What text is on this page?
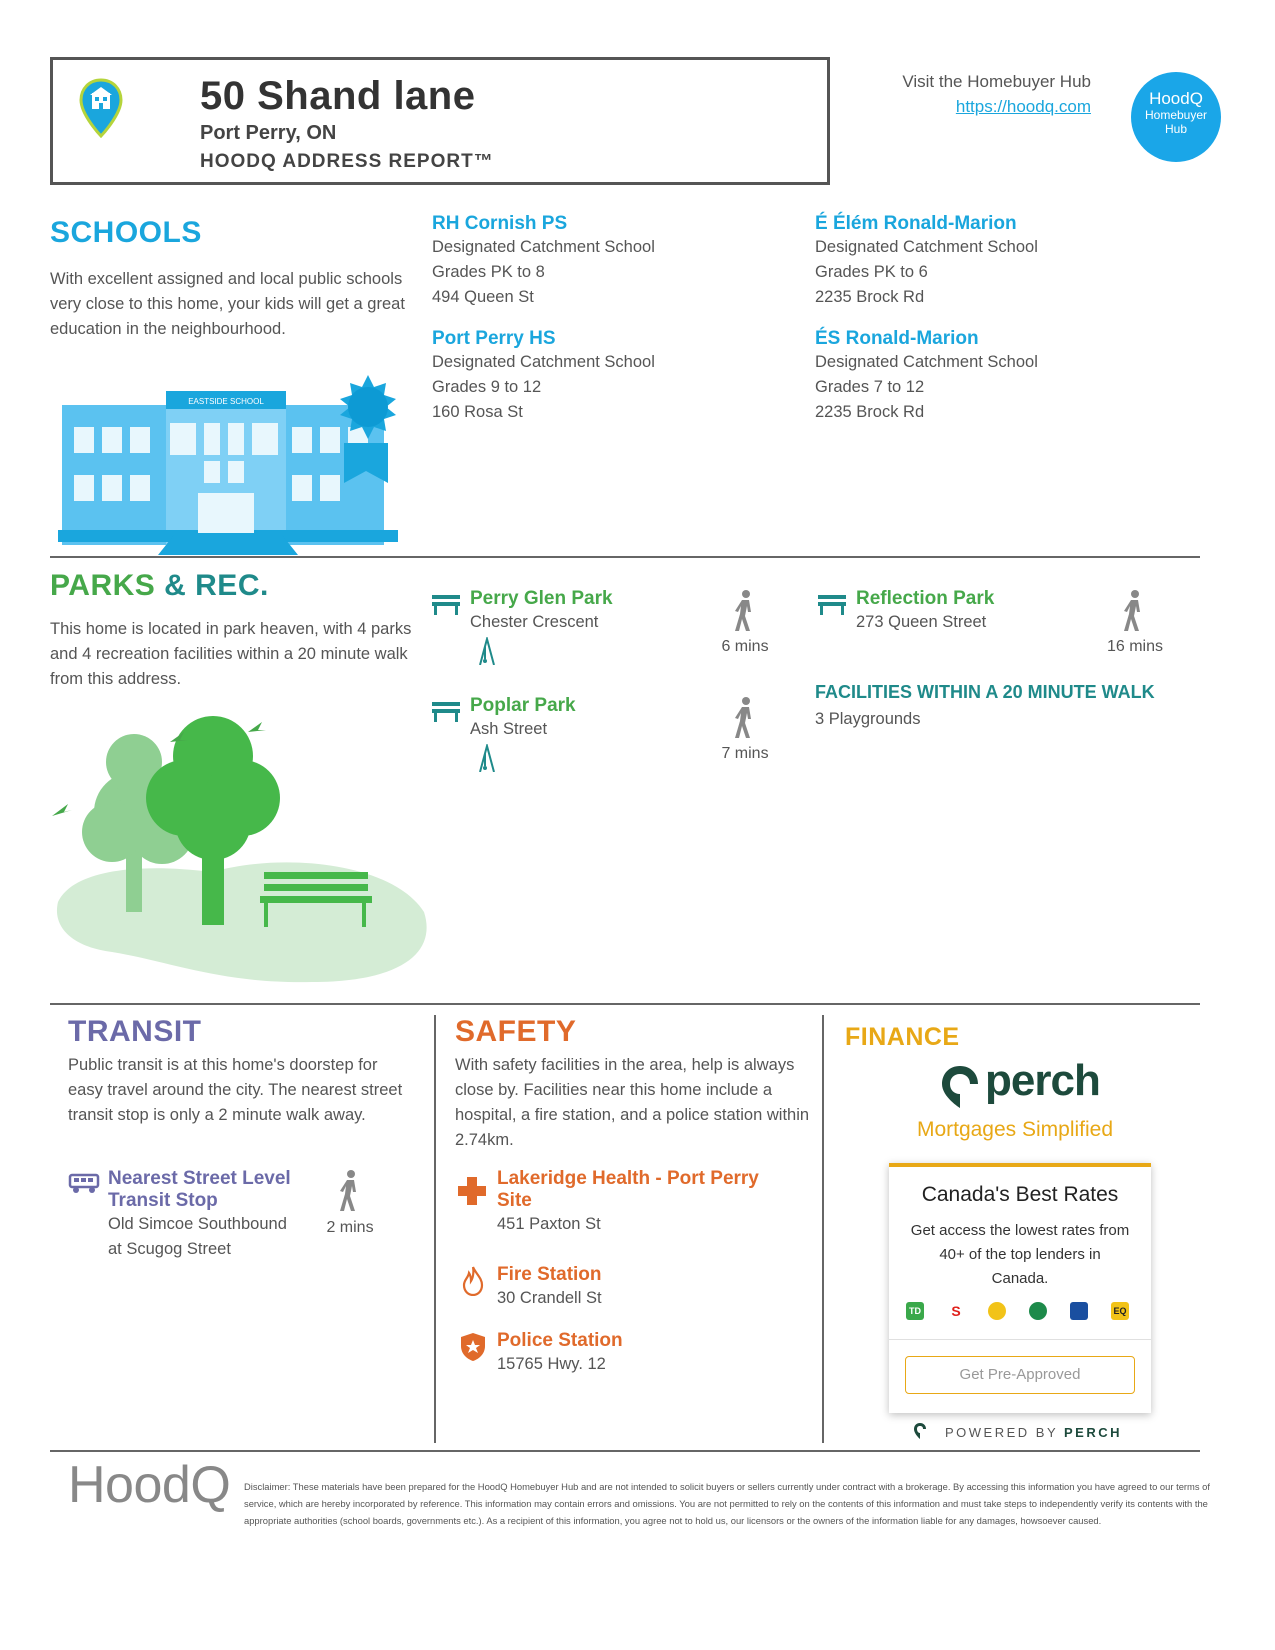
50 Shand lane
Port Perry, ON
HOODQ ADDRESS REPORT™
Visit the Homebuyer Hub
https://hoodq.com	HoodQ
Homebuyer
Hub
SCHOOLS
With excellent assigned and local public schools very close to this home, your kids will get a great education in the neighbourhood.
EASTSIDE SCHOOL
RH Cornish PS
Designated Catchment School
Grades PK to 8
494 Queen St
É Élém Ronald-Marion
Designated Catchment School
Grades PK to 6
2235 Brock Rd
Port Perry HS
Designated Catchment School
Grades 9 to 12
160 Rosa St
ÉS Ronald-Marion
Designated Catchment School
Grades 7 to 12
2235 Brock Rd
PARKS & REC.
This home is located in park heaven, with 4 parks and 4 recreation facilities within a 20 minute walk from this address.
Perry Glen Park
Chester Crescent
6 mins
Poplar Park
Ash Street
7 mins
Reflection Park
273 Queen Street
16 mins
FACILITIES WITHIN A 20 MINUTE WALK
3 Playgrounds
TRANSIT
Public transit is at this home's doorstep for easy travel around the city. The nearest street transit stop is only a 2 minute walk away.
Nearest Street Level
Transit Stop
Old Simcoe Southbound
at Scugog Street
2 mins
SAFETY
With safety facilities in the area, help is always close by. Facilities near this home include a hospital, a fire station, and a police station within 2.74km.
Lakeridge Health - Port Perry
Site
451 Paxton St
Fire Station
30 Crandell St
Police Station
15765 Hwy. 12
FINANCE
perch
Mortgages Simplified
Canada's Best Rates
Get access the lowest rates from 40+ of the top lenders in Canada.
TD	S	EQ
Get Pre-Approved
POWERED BY PERCH
HoodQ Disclaimer: These materials have been prepared for the HoodQ Homebuyer Hub and are not intended to solicit buyers or sellers currently under contract with a brokerage. By accessing this information you have agreed to our terms of service, which are hereby incorporated by reference. This information may contain errors and omissions. You are not permitted to rely on the contents of this information and must take steps to independently verify its contents with the appropriate authorities (school boards, governments etc.). As a recipient of this information, you agree not to hold us, our licensors or the owners of the information liable for any damages, howsoever caused.
